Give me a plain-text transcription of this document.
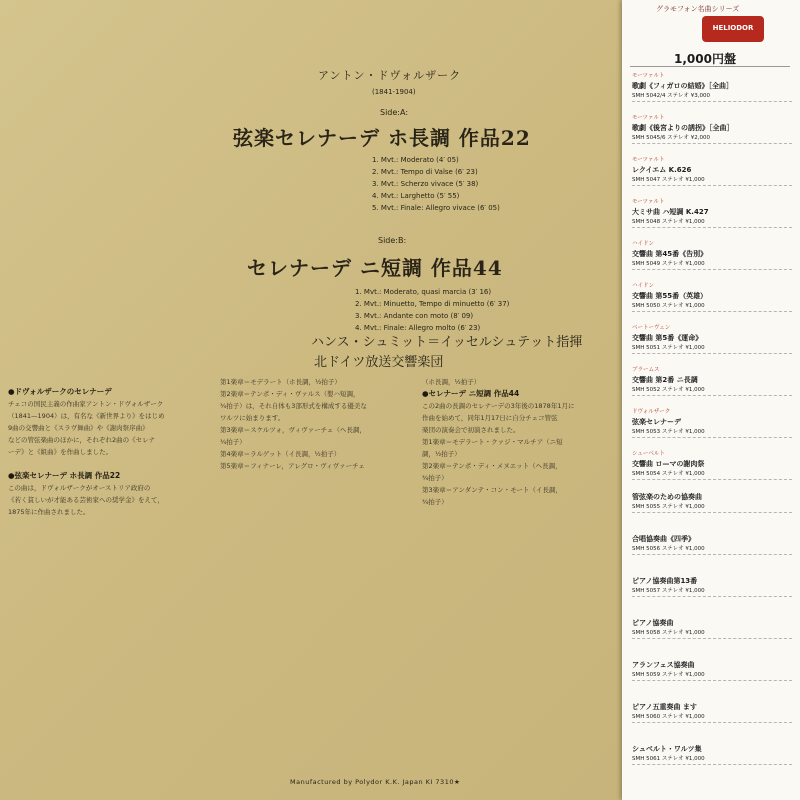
アントン・ドヴォルザーク
(1841-1904)
Side:A:
弦楽セレナーデ ホ長調 作品22
1. Mvt.: Moderato (4′ 05)
2. Mvt.: Tempo di Valse (6′ 23)
3. Mvt.: Scherzo vivace (5′ 38)
4. Mvt.: Larghetto (5′ 55)
5. Mvt.: Finale: Allegro vivace (6′ 05)
Side:B:
セレナーデ ニ短調 作品44
1. Mvt.: Moderato, quasi marcia (3′ 16)
2. Mvt.: Minuetto, Tempo di minuetto (6′ 37)
3. Mvt.: Andante con moto (8′ 09)
4. Mvt.: Finale: Allegro molto (6′ 23)
ハンス・シュミット＝イッセルシュテット指揮
北ドイツ放送交響楽団
●ドヴォルザークのセレナーデ
チェコの国民主義の作曲家アントン・ドヴォルザーク
（1841—1904）は，有名な《新世界より》をはじめ
9曲の交響曲と《スラヴ舞曲》や《謝肉祭序曲》
などの管弦楽曲のほかに，それぞれ2曲の《セレナ
ーデ》と《組曲》を作曲しました。
●弦楽セレナーデ ホ長調 作品22
この曲は，ドヴォルザークがオーストリア政府の
《若く貧しいが才能ある芸術家への奨学金》をえて，
1875年に作曲されました。
第1楽章＝モデラート（ホ長調，½拍子）
第2楽章＝テンポ・ディ・ヴァルス（嬰ハ短調，
¾拍子）は，それ自体も3部形式を構成する優美な
ワルツに始まります。
第3楽章＝スケルツォ，ヴィヴァーチェ（ヘ長調，
¾拍子）
第4楽章＝ラルゲット（イ長調，½拍子）
第5楽章＝フィナーレ，アレグロ・ヴィヴァーチェ
（ホ長調，½拍子）
●セレナーデ ニ短調 作品44
この2曲の長調のセレナーデの3年後の1878年1月に
作曲を始めて，同年1月17日に自分チェコ管弦
楽団の演奏会で初演されました。
第1楽章＝モデラート・クァジ・マルチア（ニ短
調，½拍子）
第2楽章＝テンポ・ディ・メヌエット（ヘ長調，
¾拍子）
第3楽章＝アンダンテ・コン・モート（イ長調，
¾拍子）
Manufactured by Polydor K.K. Japan KI 7310★
グラモフォン名曲シリーズ
HELIODOR
1,000円盤
モーツァルト
歌劇《フィガロの結婚》［全曲］
SMH 5042/4 ステレオ ¥3,000
モーツァルト
歌劇《後宮よりの誘拐》［全曲］
SMH 5045/6 ステレオ ¥2,000
モーツァルト
レクイエム K.626
SMH 5047 ステレオ ¥1,000
モーツァルト
大ミサ曲 ハ短調 K.427
SMH 5048 ステレオ ¥1,000
ハイドン
交響曲 第45番《告別》
SMH 5049 ステレオ ¥1,000
ハイドン
交響曲 第55番（英雄）
SMH 5050 ステレオ ¥1,000
ベートーヴェン
交響曲 第5番《運命》
SMH 5051 ステレオ ¥1,000
ブラームス
交響曲 第2番 ニ長調
SMH 5052 ステレオ ¥1,000
ドヴォルザーク
弦楽セレナーデ
SMH 5053 ステレオ ¥1,000
シューベルト
交響曲 ロ—マの謝肉祭
SMH 5054 ステレオ ¥1,000
管弦楽のための協奏曲
SMH 5055 ステレオ ¥1,000
合唱協奏曲《四季》
SMH 5056 ステレオ ¥1,000
ピアノ協奏曲第13番
SMH 5057 ステレオ ¥1,000
ピアノ協奏曲
SMH 5058 ステレオ ¥1,000
アランフェス協奏曲
SMH 5059 ステレオ ¥1,000
ピアノ五重奏曲 ます
SMH 5060 ステレオ ¥1,000
シュベルト・ワルツ集
SMH 5061 ステレオ ¥1,000
